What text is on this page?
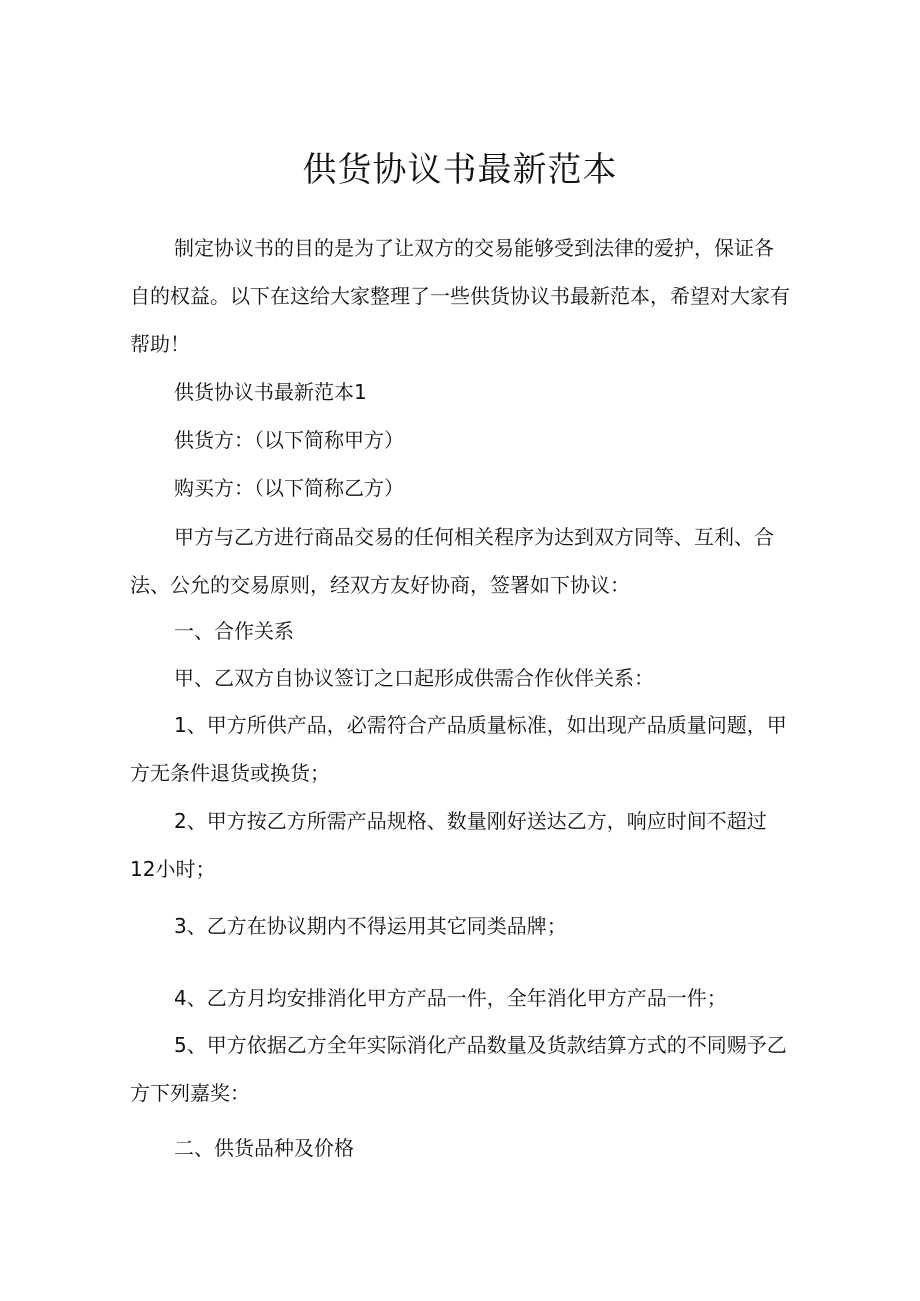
供货协议书最新范本

制定协议书的目的是为了让双方的交易能够受到法律的爱护，保证各自的权益。以下在这给大家整理了一些供货协议书最新范本，希望对大家有帮助！

供货协议书最新范本1

供货方：（以下简称甲方）

购买方：（以下简称乙方）

甲方与乙方进行商品交易的任何相关程序为达到双方同等、互利、合法、公允的交易原则，经双方友好协商，签署如下协议：

一、合作关系

甲、乙双方自协议签订之口起形成供需合作伙伴关系：

1、甲方所供产品，必需符合产品质量标准，如出现产品质量问题，甲方无条件退货或换货；

2、甲方按乙方所需产品规格、数量刚好送达乙方，响应时间不超过12小时；

3、乙方在协议期内不得运用其它同类品牌；

4、乙方月均安排消化甲方产品一件，全年消化甲方产品一件；

5、甲方依据乙方全年实际消化产品数量及货款结算方式的不同赐予乙方下列嘉奖：

二、供货品种及价格
